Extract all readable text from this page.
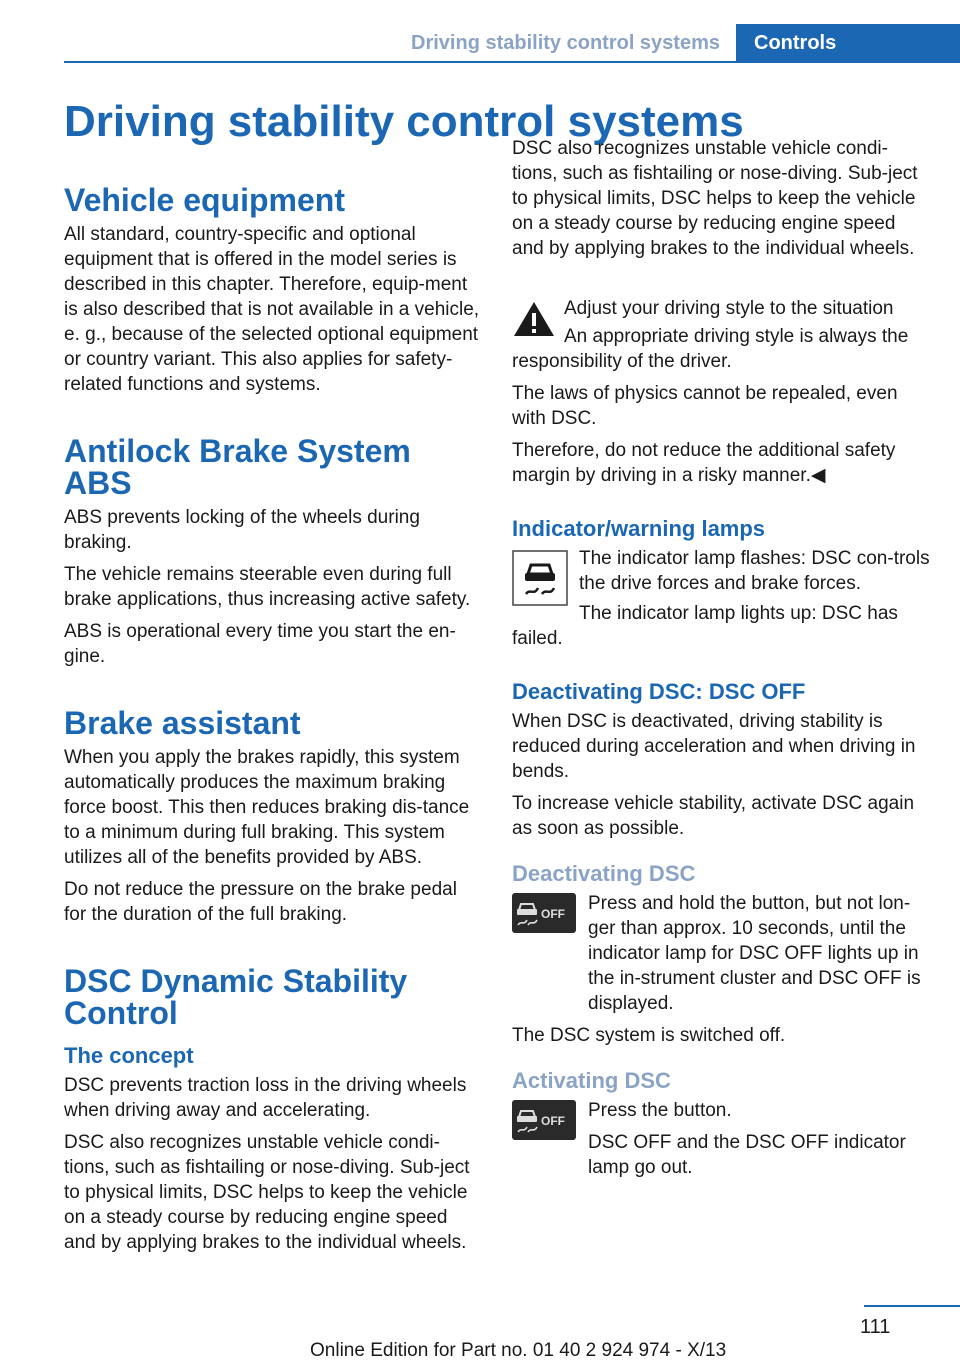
Driving stability control systems	Controls
Driving stability control systems
Vehicle equipment

All standard, country-specific and optional equipment that is offered in the model series is described in this chapter. Therefore, equip-ment is also described that is not available in a vehicle, e. g., because of the selected optional equipment or country variant. This also applies for safety-related functions and systems.

Antilock Brake System ABS

ABS prevents locking of the wheels during braking.

The vehicle remains steerable even during full brake applications, thus increasing active safety.

ABS is operational every time you start the en-gine.

Brake assistant

When you apply the brakes rapidly, this system automatically produces the maximum braking force boost. This then reduces braking dis-tance to a minimum during full braking. This system utilizes all of the benefits provided by ABS.

Do not reduce the pressure on the brake pedal for the duration of the full braking.

DSC Dynamic Stability Control
The concept

DSC prevents traction loss in the driving wheels when driving away and accelerating.

DSC also recognizes unstable vehicle condi-tions, such as fishtailing or nose-diving. Sub-ject to physical limits, DSC helps to keep the vehicle on a steady course by reducing engine speed and by applying brakes to the individual wheels.

DSC also recognizes unstable vehicle condi-tions, such as fishtailing or nose-diving. Sub-ject to physical limits, DSC helps to keep the vehicle on a steady course by reducing engine speed and by applying brakes to the individual wheels.

Adjust your driving style to the situation

An appropriate driving style is always the responsibility of the driver.

The laws of physics cannot be repealed, even with DSC.

Therefore, do not reduce the additional safety margin by driving in a risky manner.◀

Indicator/warning lamps

The indicator lamp flashes: DSC con-trols the drive forces and brake forces.

The indicator lamp lights up: DSC has failed.

Deactivating DSC: DSC OFF

When DSC is deactivated, driving stability is reduced during acceleration and when driving in bends.

To increase vehicle stability, activate DSC again as soon as possible.

Deactivating DSC
OFF Press and hold the button, but not lon-ger than approx. 10 seconds, until the indicator lamp for DSC OFF lights up in the in-strument cluster and DSC OFF is displayed.

The DSC system is switched off.

Activating DSC
OFF Press the button.

DSC OFF and the DSC OFF indicator lamp go out.

111
Online Edition for Part no. 01 40 2 924 974 - X/13
